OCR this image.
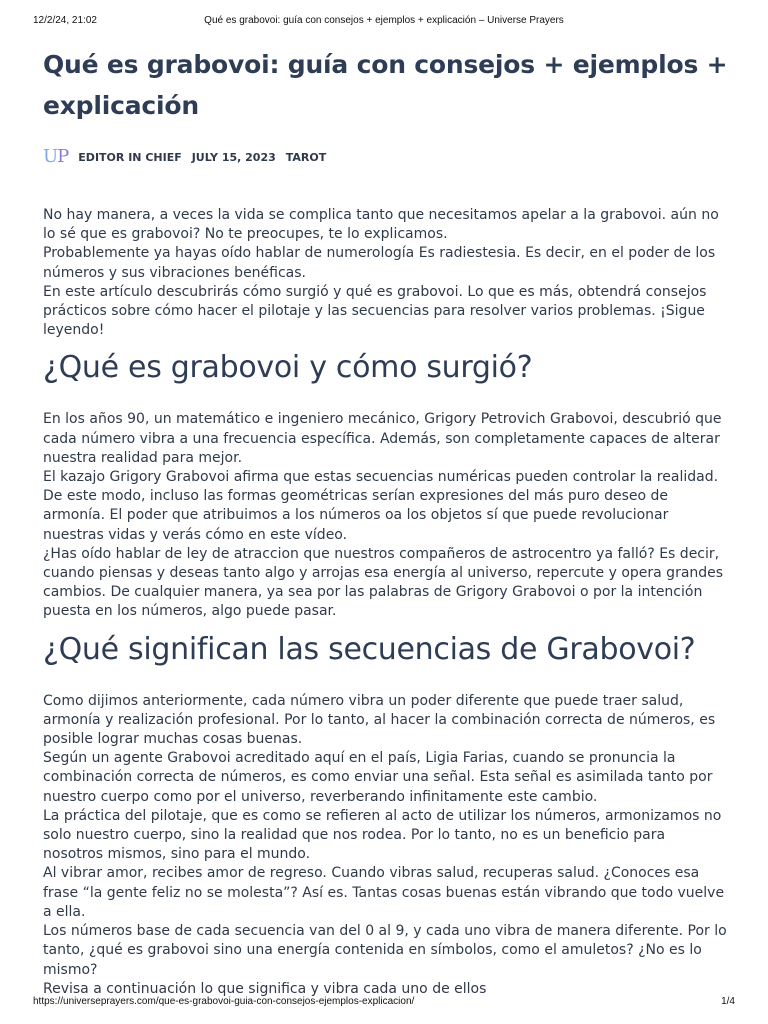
12/2/24, 21:02	Qué es grabovoi: guía con consejos + ejemplos + explicación – Universe Prayers
Qué es grabovoi: guía con consejos + ejemplos + explicación
UP EDITOR IN CHIEF JULY 15, 2023 TAROT

No hay manera, a veces la vida se complica tanto que necesitamos apelar a la grabovoi. aún no lo sé que es grabovoi? No te preocupes, te lo explicamos.

Probablemente ya hayas oído hablar de numerología Es radiestesia. Es decir, en el poder de los números y sus vibraciones benéficas.

En este artículo descubrirás cómo surgió y qué es grabovoi. Lo que es más, obtendrá consejos prácticos sobre cómo hacer el pilotaje y las secuencias para resolver varios problemas. ¡Sigue leyendo!

¿Qué es grabovoi y cómo surgió?

En los años 90, un matemático e ingeniero mecánico, Grigory Petrovich Grabovoi, descubrió que cada número vibra a una frecuencia específica. Además, son completamente capaces de alterar nuestra realidad para mejor.

El kazajo Grigory Grabovoi afirma que estas secuencias numéricas pueden controlar la realidad. De este modo, incluso las formas geométricas serían expresiones del más puro deseo de armonía. El poder que atribuimos a los números oa los objetos sí que puede revolucionar nuestras vidas y verás cómo en este vídeo.

¿Has oído hablar de ley de atraccion que nuestros compañeros de astrocentro ya falló? Es decir, cuando piensas y deseas tanto algo y arrojas esa energía al universo, repercute y opera grandes cambios. De cualquier manera, ya sea por las palabras de Grigory Grabovoi o por la intención puesta en los números, algo puede pasar.

¿Qué significan las secuencias de Grabovoi?

Como dijimos anteriormente, cada número vibra un poder diferente que puede traer salud, armonía y realización profesional. Por lo tanto, al hacer la combinación correcta de números, es posible lograr muchas cosas buenas.

Según un agente Grabovoi acreditado aquí en el país, Ligia Farias, cuando se pronuncia la combinación correcta de números, es como enviar una señal. Esta señal es asimilada tanto por nuestro cuerpo como por el universo, reverberando infinitamente este cambio.

La práctica del pilotaje, que es como se refieren al acto de utilizar los números, armonizamos no solo nuestro cuerpo, sino la realidad que nos rodea. Por lo tanto, no es un beneficio para nosotros mismos, sino para el mundo.

Al vibrar amor, recibes amor de regreso. Cuando vibras salud, recuperas salud. ¿Conoces esa frase “la gente feliz no se molesta”? Así es. Tantas cosas buenas están vibrando que todo vuelve a ella.

Los números base de cada secuencia van del 0 al 9, y cada uno vibra de manera diferente. Por lo tanto, ¿qué es grabovoi sino una energía contenida en símbolos, como el amuletos? ¿No es lo mismo?

Revisa a continuación lo que significa y vibra cada uno de ellos

https://universeprayers.com/que-es-grabovoi-guia-con-consejos-ejemplos-explicacion/	1/4
